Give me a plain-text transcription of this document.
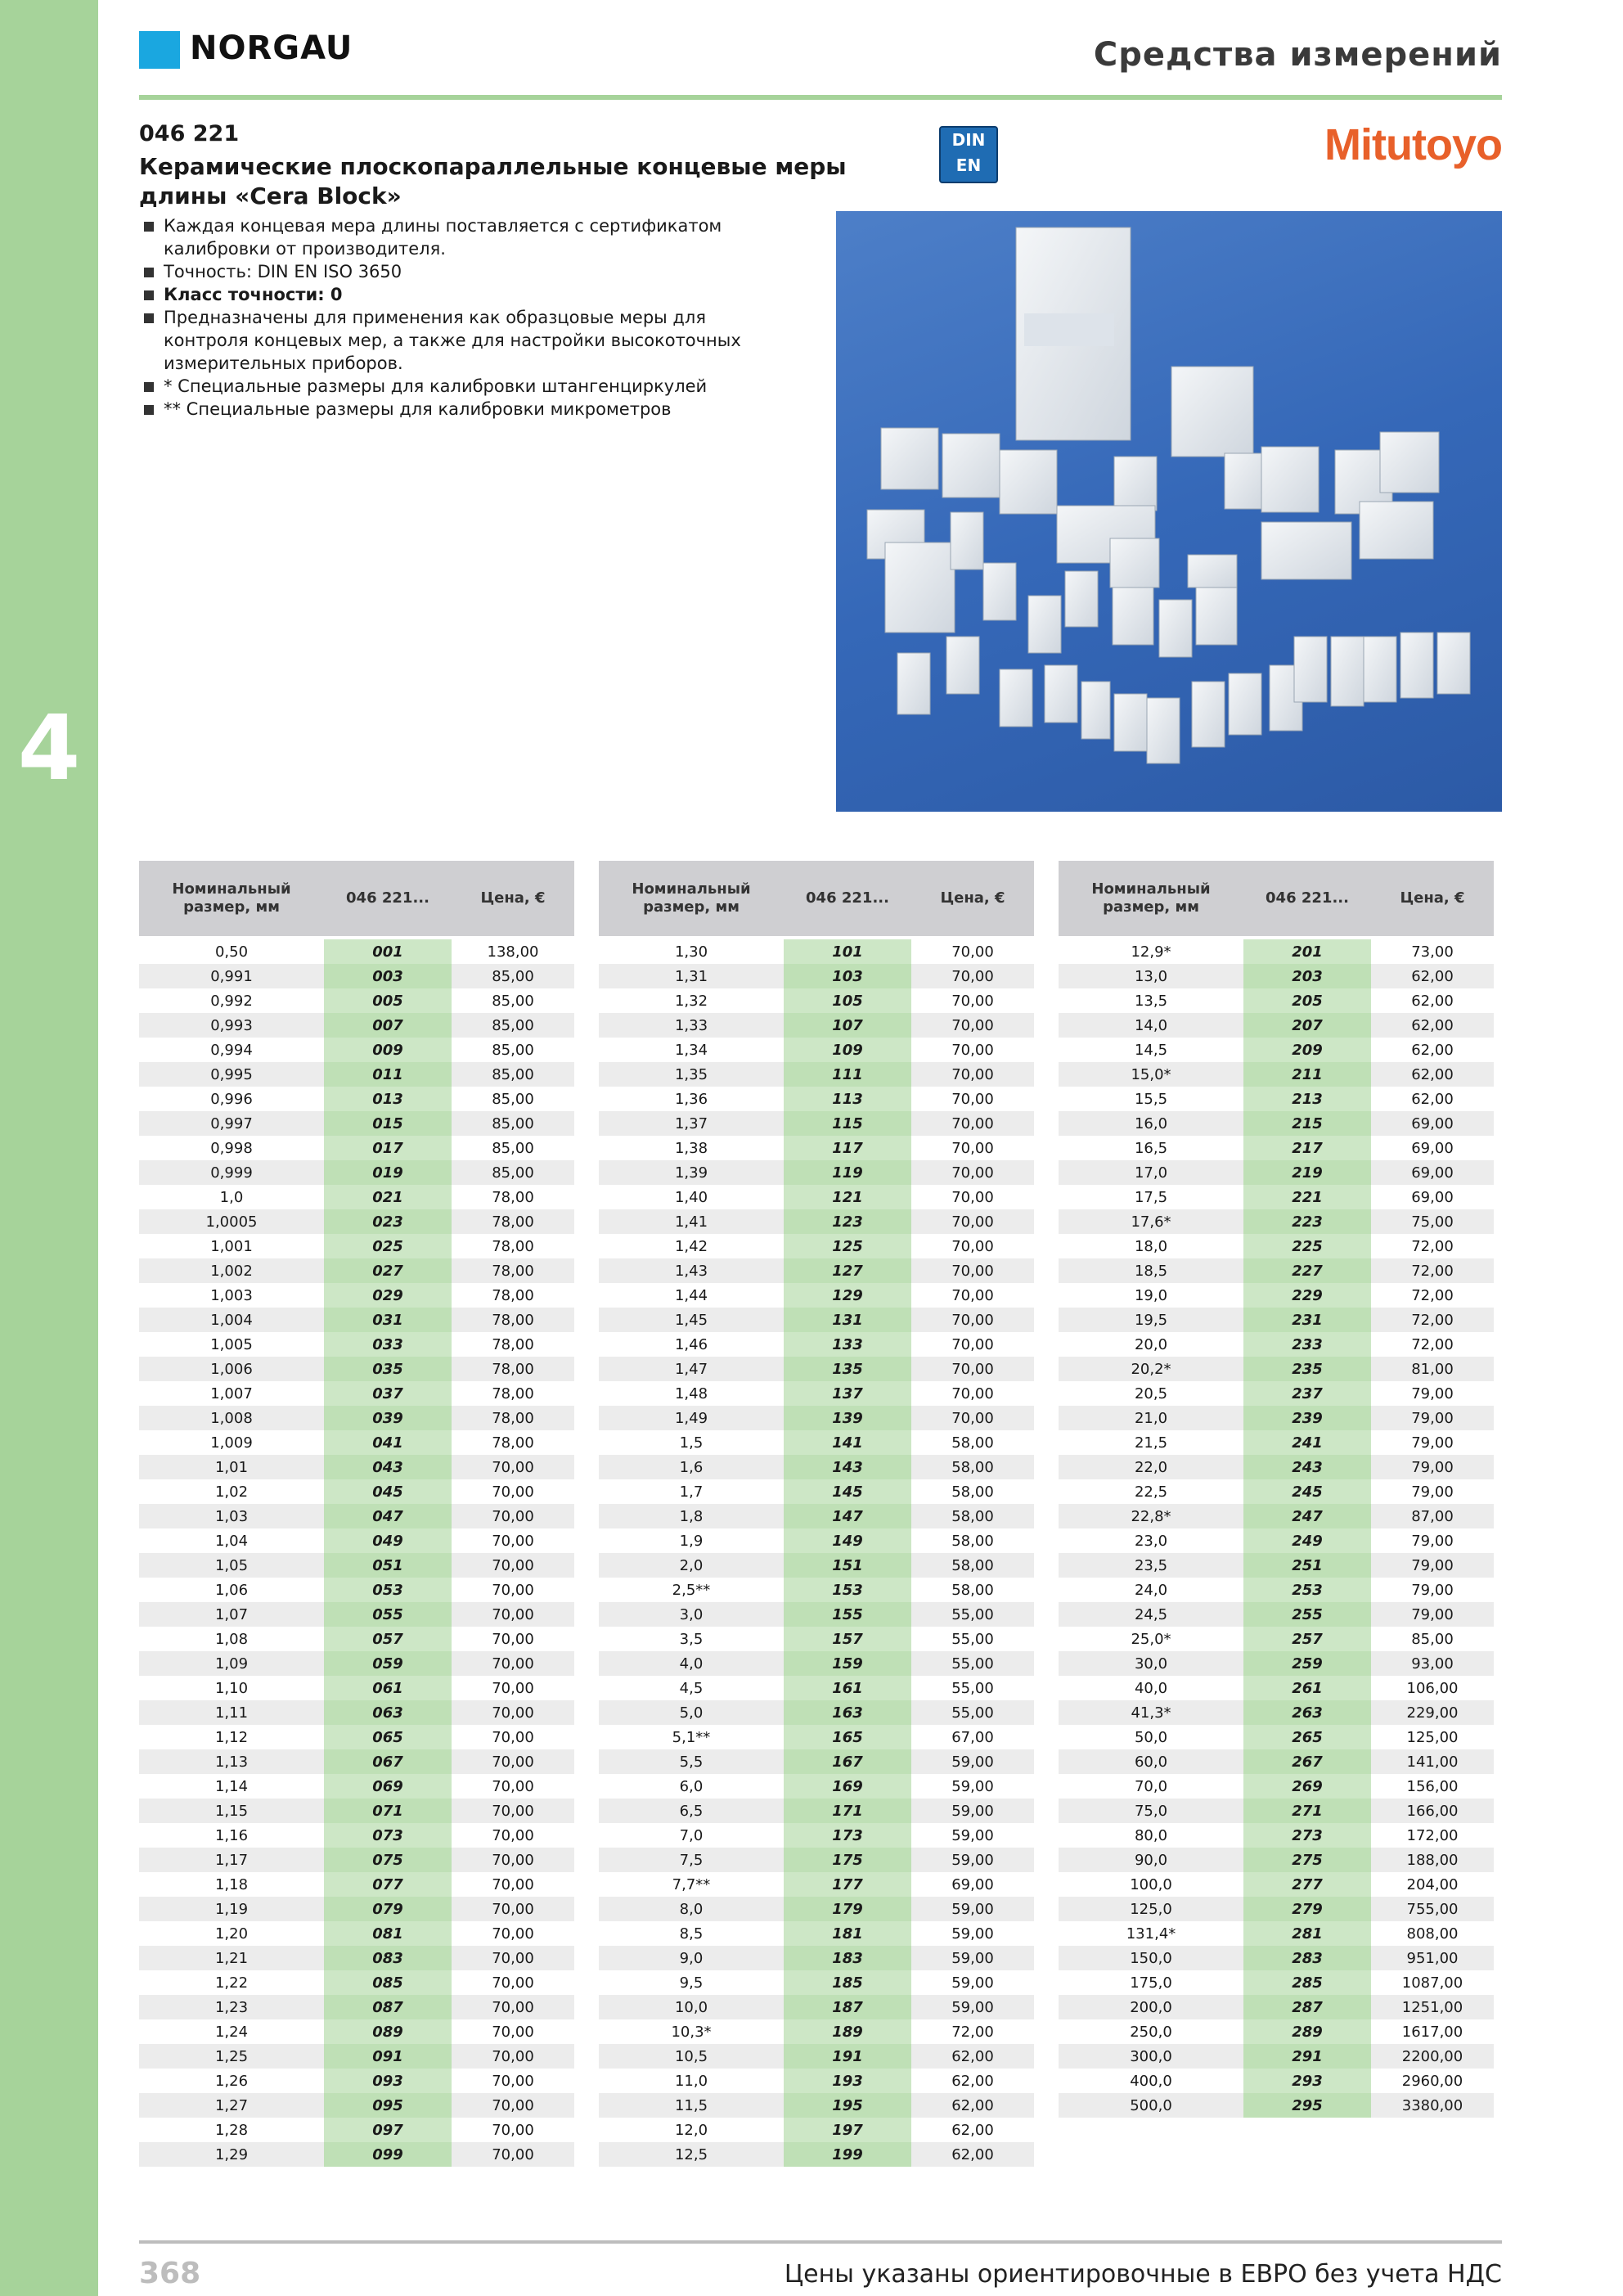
4
NORGAU	Средства измерений
046 221
Керамические плоскопараллельные концевые меры длины «Cera Block»
Каждая концевая мера длины поставляется с сертификатом калибровки от производителя.
Точность: DIN EN ISO 3650
Класс точности: 0
Предназначены для применения как образцовые меры для контроля концевых мер, а также для настройки высокоточных измерительных приборов.
* Специальные размеры для калибровки штангенциркулей
** Специальные размеры для калибровки микрометров
DIN EN
3650
Mitutoyo
Номинальный размер, мм	046 221...	Цена, €

0,50	001	138,00
0,991	003	85,00
0,992	005	85,00
0,993	007	85,00
0,994	009	85,00
0,995	011	85,00
0,996	013	85,00
0,997	015	85,00
0,998	017	85,00
0,999	019	85,00
1,0	021	78,00
1,0005	023	78,00
1,001	025	78,00
1,002	027	78,00
1,003	029	78,00
1,004	031	78,00
1,005	033	78,00
1,006	035	78,00
1,007	037	78,00
1,008	039	78,00
1,009	041	78,00
1,01	043	70,00
1,02	045	70,00
1,03	047	70,00
1,04	049	70,00
1,05	051	70,00
1,06	053	70,00
1,07	055	70,00
1,08	057	70,00
1,09	059	70,00
1,10	061	70,00
1,11	063	70,00
1,12	065	70,00
1,13	067	70,00
1,14	069	70,00
1,15	071	70,00
1,16	073	70,00
1,17	075	70,00
1,18	077	70,00
1,19	079	70,00
1,20	081	70,00
1,21	083	70,00
1,22	085	70,00
1,23	087	70,00
1,24	089	70,00
1,25	091	70,00
1,26	093	70,00
1,27	095	70,00
1,28	097	70,00
1,29	099	70,00
Номинальный размер, мм	046 221...	Цена, €

1,30	101	70,00
1,31	103	70,00
1,32	105	70,00
1,33	107	70,00
1,34	109	70,00
1,35	111	70,00
1,36	113	70,00
1,37	115	70,00
1,38	117	70,00
1,39	119	70,00
1,40	121	70,00
1,41	123	70,00
1,42	125	70,00
1,43	127	70,00
1,44	129	70,00
1,45	131	70,00
1,46	133	70,00
1,47	135	70,00
1,48	137	70,00
1,49	139	70,00
1,5	141	58,00
1,6	143	58,00
1,7	145	58,00
1,8	147	58,00
1,9	149	58,00
2,0	151	58,00
2,5**	153	58,00
3,0	155	55,00
3,5	157	55,00
4,0	159	55,00
4,5	161	55,00
5,0	163	55,00
5,1**	165	67,00
5,5	167	59,00
6,0	169	59,00
6,5	171	59,00
7,0	173	59,00
7,5	175	59,00
7,7**	177	69,00
8,0	179	59,00
8,5	181	59,00
9,0	183	59,00
9,5	185	59,00
10,0	187	59,00
10,3*	189	72,00
10,5	191	62,00
11,0	193	62,00
11,5	195	62,00
12,0	197	62,00
12,5	199	62,00
Номинальный размер, мм	046 221...	Цена, €

12,9*	201	73,00
13,0	203	62,00
13,5	205	62,00
14,0	207	62,00
14,5	209	62,00
15,0*	211	62,00
15,5	213	62,00
16,0	215	69,00
16,5	217	69,00
17,0	219	69,00
17,5	221	69,00
17,6*	223	75,00
18,0	225	72,00
18,5	227	72,00
19,0	229	72,00
19,5	231	72,00
20,0	233	72,00
20,2*	235	81,00
20,5	237	79,00
21,0	239	79,00
21,5	241	79,00
22,0	243	79,00
22,5	245	79,00
22,8*	247	87,00
23,0	249	79,00
23,5	251	79,00
24,0	253	79,00
24,5	255	79,00
25,0*	257	85,00
30,0	259	93,00
40,0	261	106,00
41,3*	263	229,00
50,0	265	125,00
60,0	267	141,00
70,0	269	156,00
75,0	271	166,00
80,0	273	172,00
90,0	275	188,00
100,0	277	204,00
125,0	279	755,00
131,4*	281	808,00
150,0	283	951,00
175,0	285	1087,00
200,0	287	1251,00
250,0	289	1617,00
300,0	291	2200,00
400,0	293	2960,00
500,0	295	3380,00
368	Цены указаны ориентировочные в ЕВРО без учета НДС
